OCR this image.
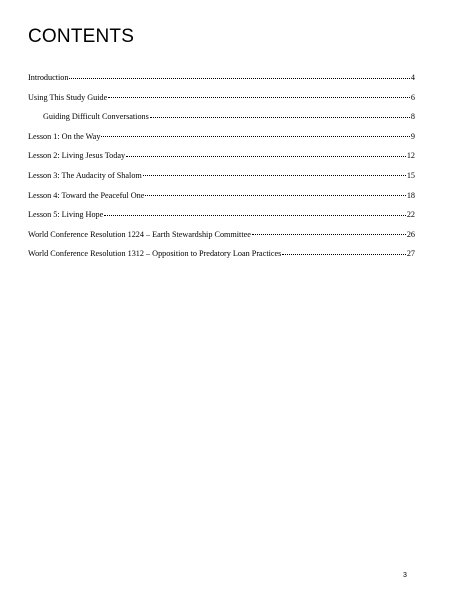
CONTENTS
Introduction	4
Using This Study Guide	6
Guiding Difficult Conversations	8
Lesson 1: On the Way	9
Lesson 2: Living Jesus Today	12
Lesson 3: The Audacity of Shalom	15
Lesson 4: Toward the Peaceful One	18
Lesson 5: Living Hope	22
World Conference Resolution 1224 – Earth Stewardship Committee	26
World Conference Resolution 1312 – Opposition to Predatory Loan Practices	27
3
